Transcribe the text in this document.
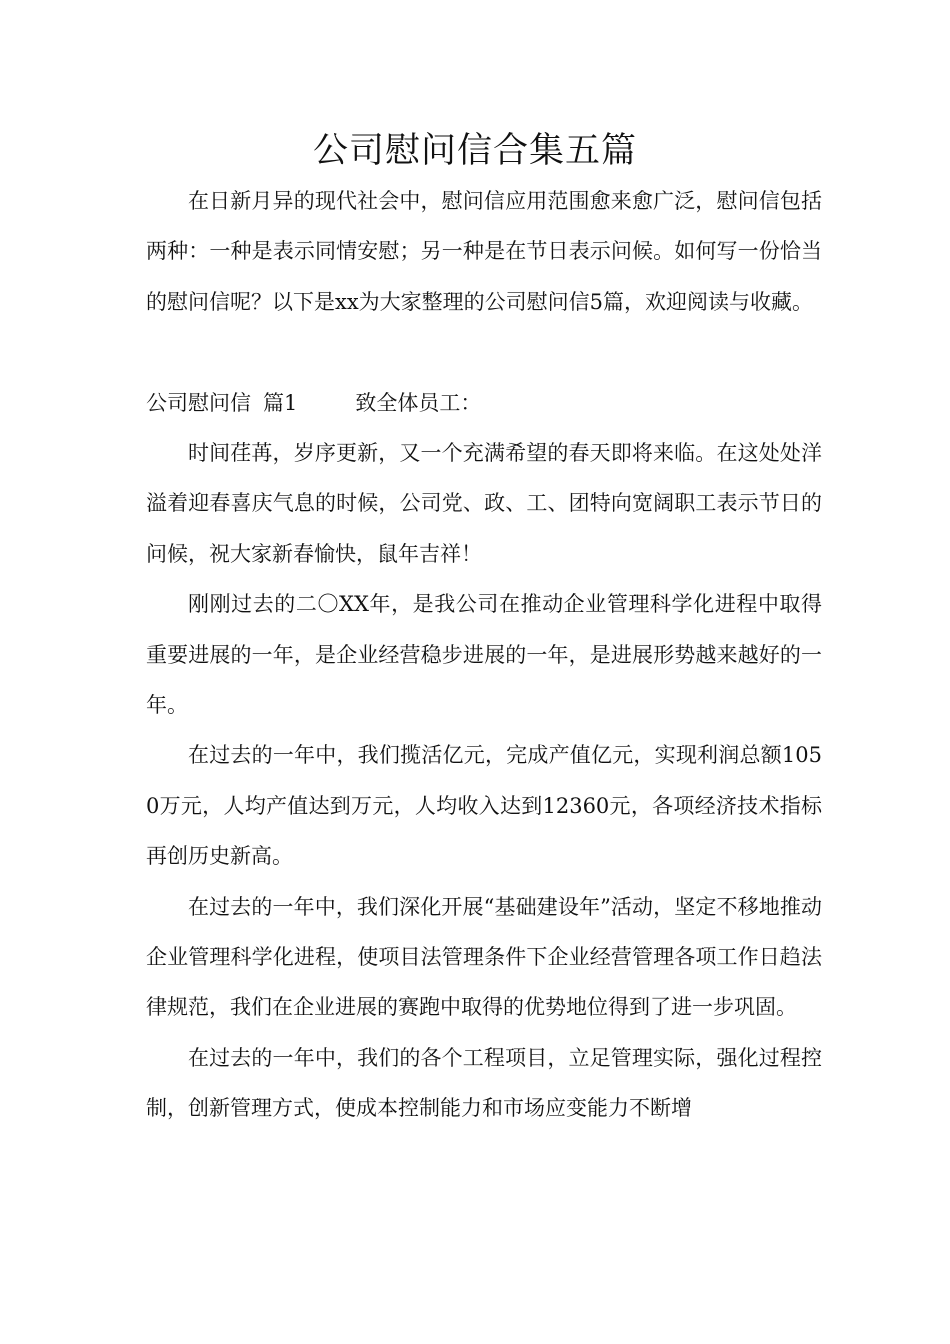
公司慰问信合集五篇

在日新月异的现代社会中，慰问信应用范围愈来愈广泛，慰问信包括两种：一种是表示同情安慰；另一种是在节日表示问候。如何写一份恰当的慰问信呢？以下是xx为大家整理的公司慰问信5篇，欢迎阅读与收藏。

公司慰问信 篇1	致全体员工：

时间荏苒，岁序更新，又一个充满希望的春天即将来临。在这处处洋溢着迎春喜庆气息的时候，公司党、政、工、团特向宽阔职工表示节日的问候，祝大家新春愉快，鼠年吉祥！

刚刚过去的二〇XX年，是我公司在推动企业管理科学化进程中取得重要进展的一年，是企业经营稳步进展的一年，是进展形势越来越好的一年。

在过去的一年中，我们揽活亿元，完成产值亿元，实现利润总额1050万元，人均产值达到万元，人均收入达到12360元，各项经济技术指标再创历史新高。

在过去的一年中，我们深化开展“基础建设年”活动，坚定不移地推动企业管理科学化进程，使项目法管理条件下企业经营管理各项工作日趋法律规范，我们在企业进展的赛跑中取得的优势地位得到了进一步巩固。

在过去的一年中，我们的各个工程项目，立足管理实际，强化过程控制，创新管理方式，使成本控制能力和市场应变能力不断增
